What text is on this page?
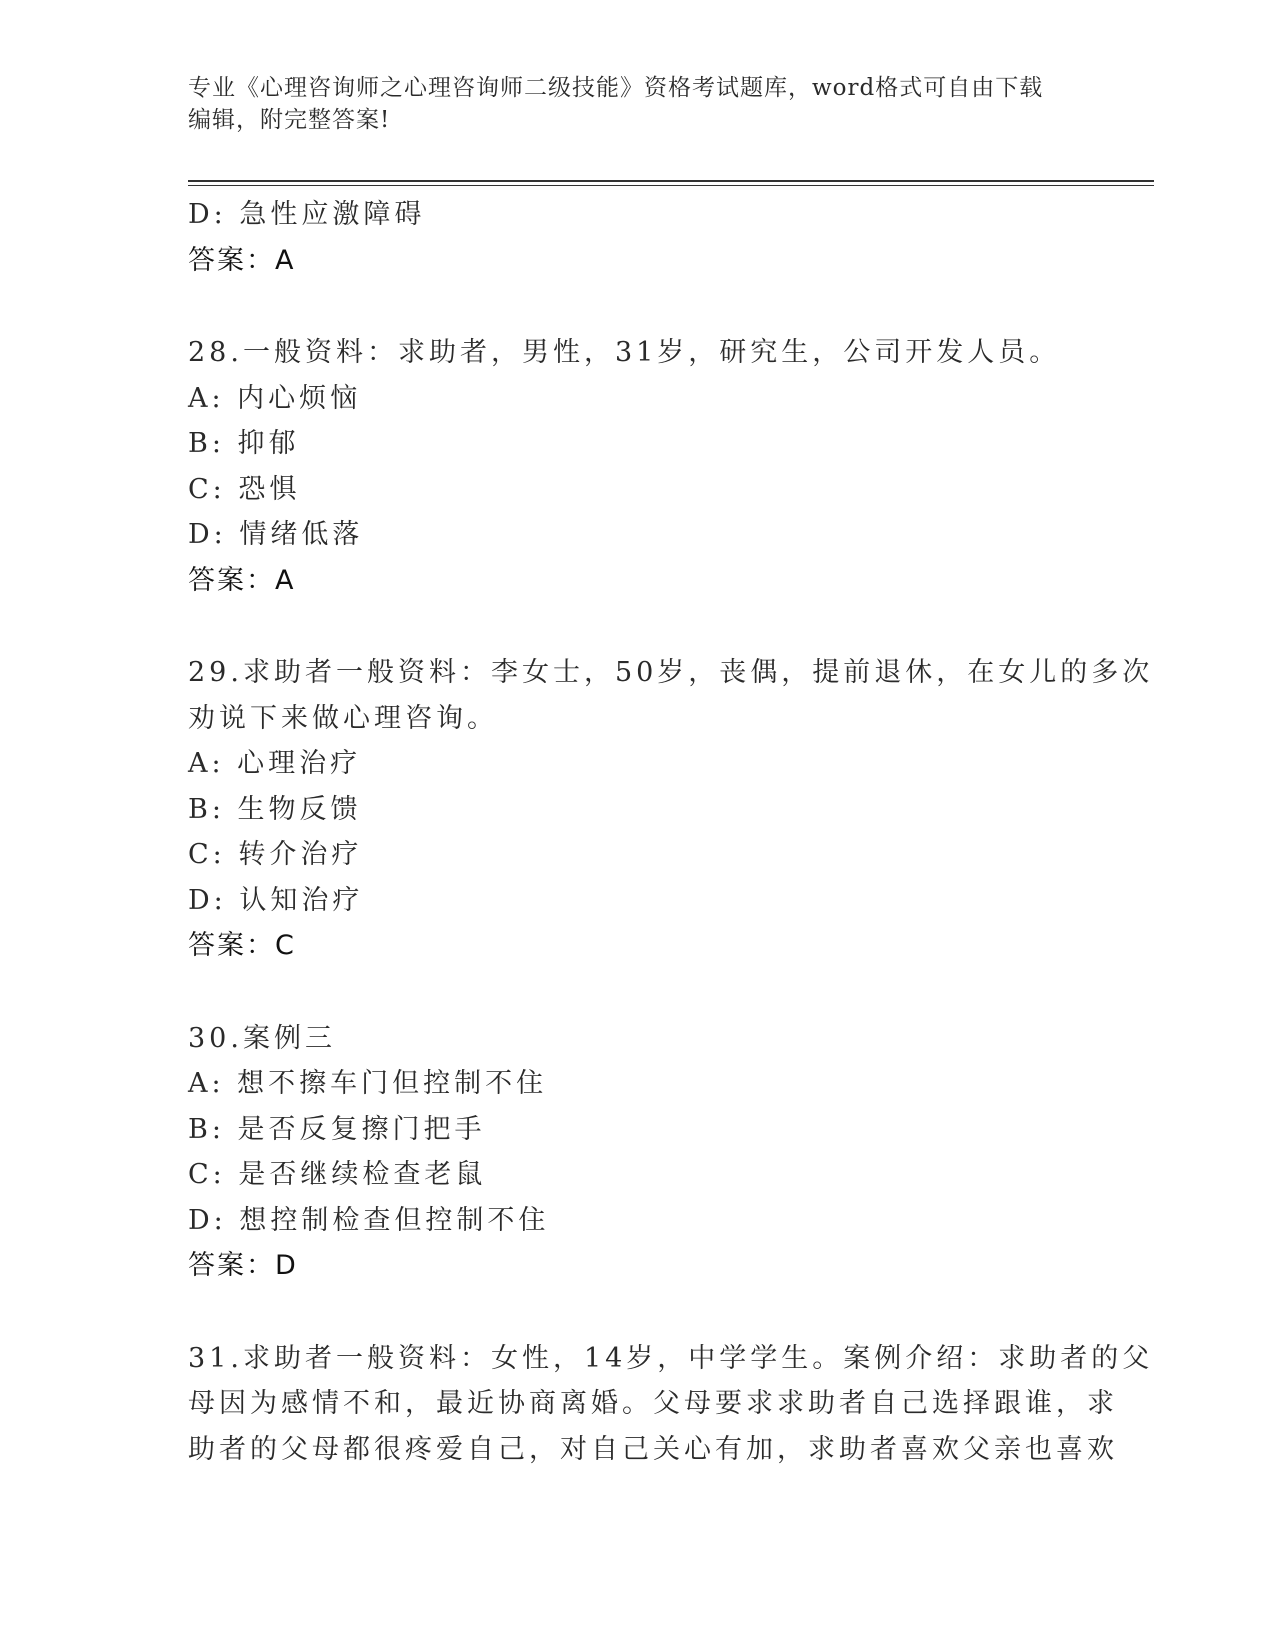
专业《心理咨询师之心理咨询师二级技能》资格考试题库，word格式可自由下载
编辑，附完整答案!
D: 急性应激障碍
答案：A
28.一般资料：求助者，男性，31岁，研究生，公司开发人员。
A: 内心烦恼
B: 抑郁
C: 恐惧
D: 情绪低落
答案：A
29.求助者一般资料：李女士，50岁，丧偶，提前退休，在女儿的多次
劝说下来做心理咨询。
A: 心理治疗
B: 生物反馈
C: 转介治疗
D: 认知治疗
答案：C
30.案例三
A: 想不擦车门但控制不住
B: 是否反复擦门把手
C: 是否继续检查老鼠
D: 想控制检查但控制不住
答案：D
31.求助者一般资料：女性，14岁，中学学生。案例介绍：求助者的父
母因为感情不和，最近协商离婚。父母要求求助者自己选择跟谁，求
助者的父母都很疼爱自己，对自己关心有加，求助者喜欢父亲也喜欢
